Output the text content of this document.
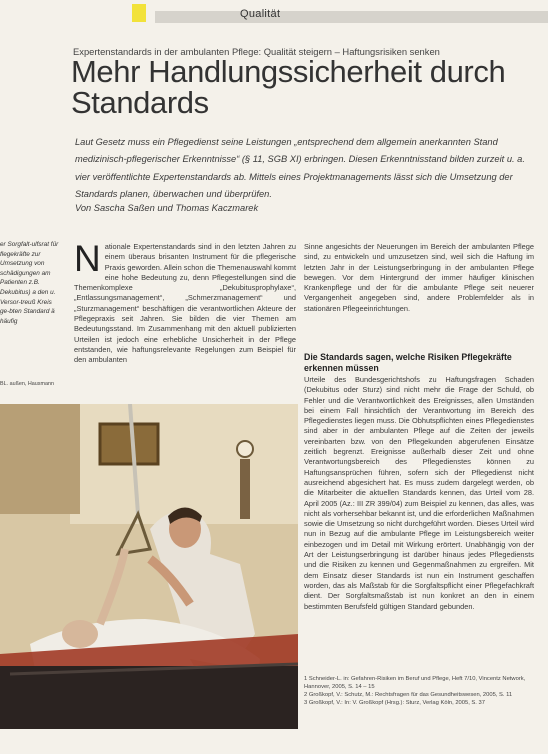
Qualität
Expertenstandards in der ambulanten Pflege: Qualität steigern – Haftungsrisiken senken
Mehr Handlungssicherheit durch Standards
Laut Gesetz muss ein Pflegedienst seine Leistungen „entsprechend dem allgemein anerkannten Stand medizinisch-pflegerischer Erkenntnisse“ (§ 11, SGB XI) erbringen. Diesen Erkenntnisstand bilden zurzeit u. a. vier veröffentlichte Expertenstandards ab. Mittels eines Projektmanagements lässt sich die Umsetzung der Standards planen, überwachen und überprüfen.
Von Sascha Saßen und Thomas Kaczmarek
er Sorgfalt-ulfsrat für flegekräfte zur Umsetzung von schädigungen am Patienten z.B. Dekubitus) a den u. Versor-treuß Kreis ge-bten Standard ä häufig
BL. außen, Hausmann
Nationale Expertenstandards sind in den letzten Jahren zu einem überaus brisanten Instrument für die pflegerische Praxis geworden. Allein schon die Themenauswahl kommt eine hohe Bedeutung zu, denn Pflegestellungen sind die Themenkomplexe „Dekubitusprophylaxe“, „Entlassungsmanagement“, „Schmerzmanagement“ und „Sturzmanagement“ beschäftigen die verantwortlichen Akteure der Pflegepraxis seit Jahren. Sie bilden die vier Themen am Bedeutungsstand. Im Zusammenhang mit den aktuell publizierten Urteilen ist jedoch eine erhebliche Unsicherheit in der Pflege entstanden, wie haftungsrelevante Regelungen zum Beispiel für den ambulanten
Sinne angesichts der Neuerungen im Bereich der ambulanten Pflege sind, zu entwickeln und umzusetzen sind, weil sich die Haftung im letzten Jahr in der Leistungserbringung in der ambulanten Pflege bewegen. Vor dem Hintergrund der immer häufiger klinischen Krankenpflege und der für die ambulante Pflege seit neuerer Vergangenheit angegeben sind, andere Problemfelder als in stationären Pflegeeinrichtungen.
Die Standards sagen, welche Risiken Pflegekräfte erkennen müssen
Urteile des Bundesgerichtshofs zu Haftungsfragen Schaden (Dekubitus oder Sturz) sind nicht mehr die Frage der Schuld, ob Fehler und die Verantwortlichkeit des Ereignisses, allen Umständen bei einem Fall hinsichtlich der Verantwortung im Bereich des Pflegedienstes liegen muss. Die Obhutspflichten eines Pflegedienstes sind aber in der ambulanten Pflege auf die Zeiten der jeweils vereinbarten bzw. von den Pflegekunden abgerufenen Einsätze zeitlich begrenzt. Ereignisse außerhalb dieser Zeit und ohne Verantwortungsbereich des Pflegedienstes können zu Haftungsansprüchen führen, sofern sich der Pflegedienst nicht ausreichend abgesichert hat. Es muss zudem dargelegt werden, ob die Mitarbeiter die aktuellen Standards kennen, das Urteil vom 28. April 2005 (Az.: III ZR 399/04) zum Beispiel zu kennen, das alles, was nicht als vorhersehbar bekannt ist, und die erforderlichen Maßnahmen sowie die Umsetzung so nicht durchgeführt worden. Dieses Urteil wird nun in Bezug auf die ambulante Pflege im Leistungsbereich weiter einbezogen und im Detail mit Wirkung erörtert. Unabhängig von der Art der Leistungserbringung ist darüber hinaus jedes Pflegediensts und die Risiken zu kennen und Gegenmaßnahmen zu ergreifen. Mit dem Einsatz dieser Standards ist nun ein Instrument geschaffen worden, das als Maßstab für die Sorgfaltspflicht einer Pflegefachkraft dient. Der Sorgfaltsmaßstab ist nun konkret an den in einem bestimmten Berufsfeld gültigen Standard gebunden.
1 Schneider-L. in: Gefahren-Risiken im Beruf und Pflege, Heft 7/10, Vincentz Network, Hannover, 2005, S. 14 – 15
2 Großkopf, V.: Schutz, M.: Rechtsfragen für das Gesundheitswesen, 2005, S. 11
3 Großkopf, V.: In: V. Großkopf (Hrsg.): Sturz, Verlag Köln, 2005, S. 37
